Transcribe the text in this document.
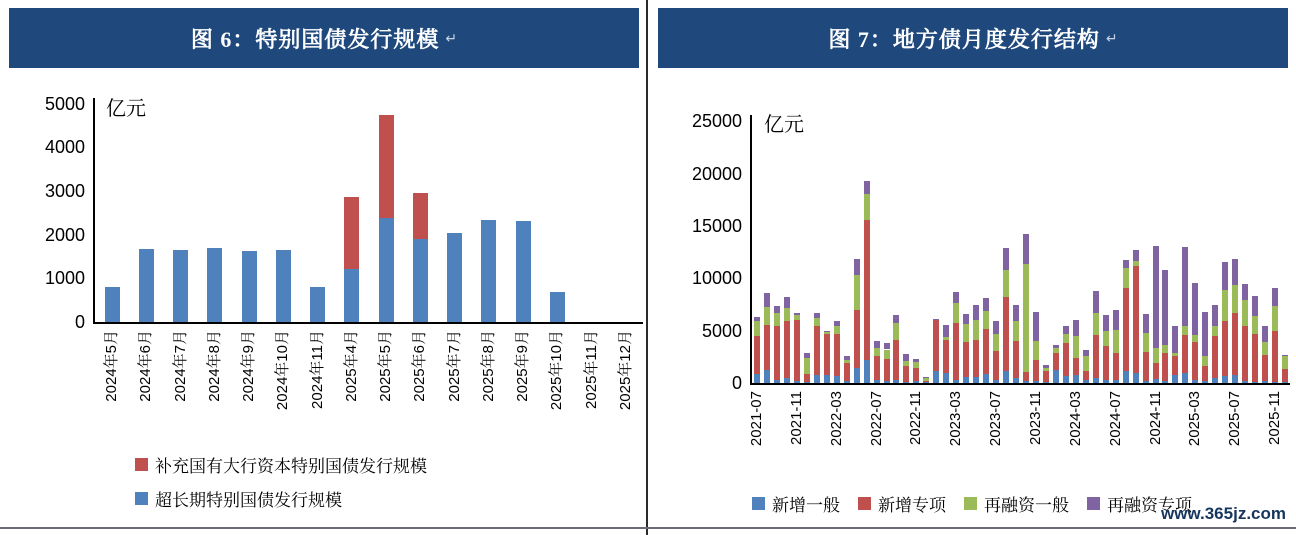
图 6：特别国债发行规模 ↵
亿元
0
1000
2000
3000
4000
5000
2024年5月 2024年6月 2024年7月 2024年8月 2024年9月 2024年10月 2024年11月 2025年4月 2025年5月 2025年6月 2025年7月 2025年8月 2025年9月 2025年10月 2025年11月 2025年12月
补充国有大行资本特别国债发行规模
超长期特别国债发行规模
图 7：地方债月度发行结构 ↵
亿元
0
5000
10000
15000
20000
25000
2021-07 2021-11 2022-03 2022-07 2022-11 2023-03 2023-07 2023-11 2024-03 2024-07 2024-11 2025-03 2025-07 2025-11
新增一般 新增专项 再融资一般 再融资专项
www.365jz.com
